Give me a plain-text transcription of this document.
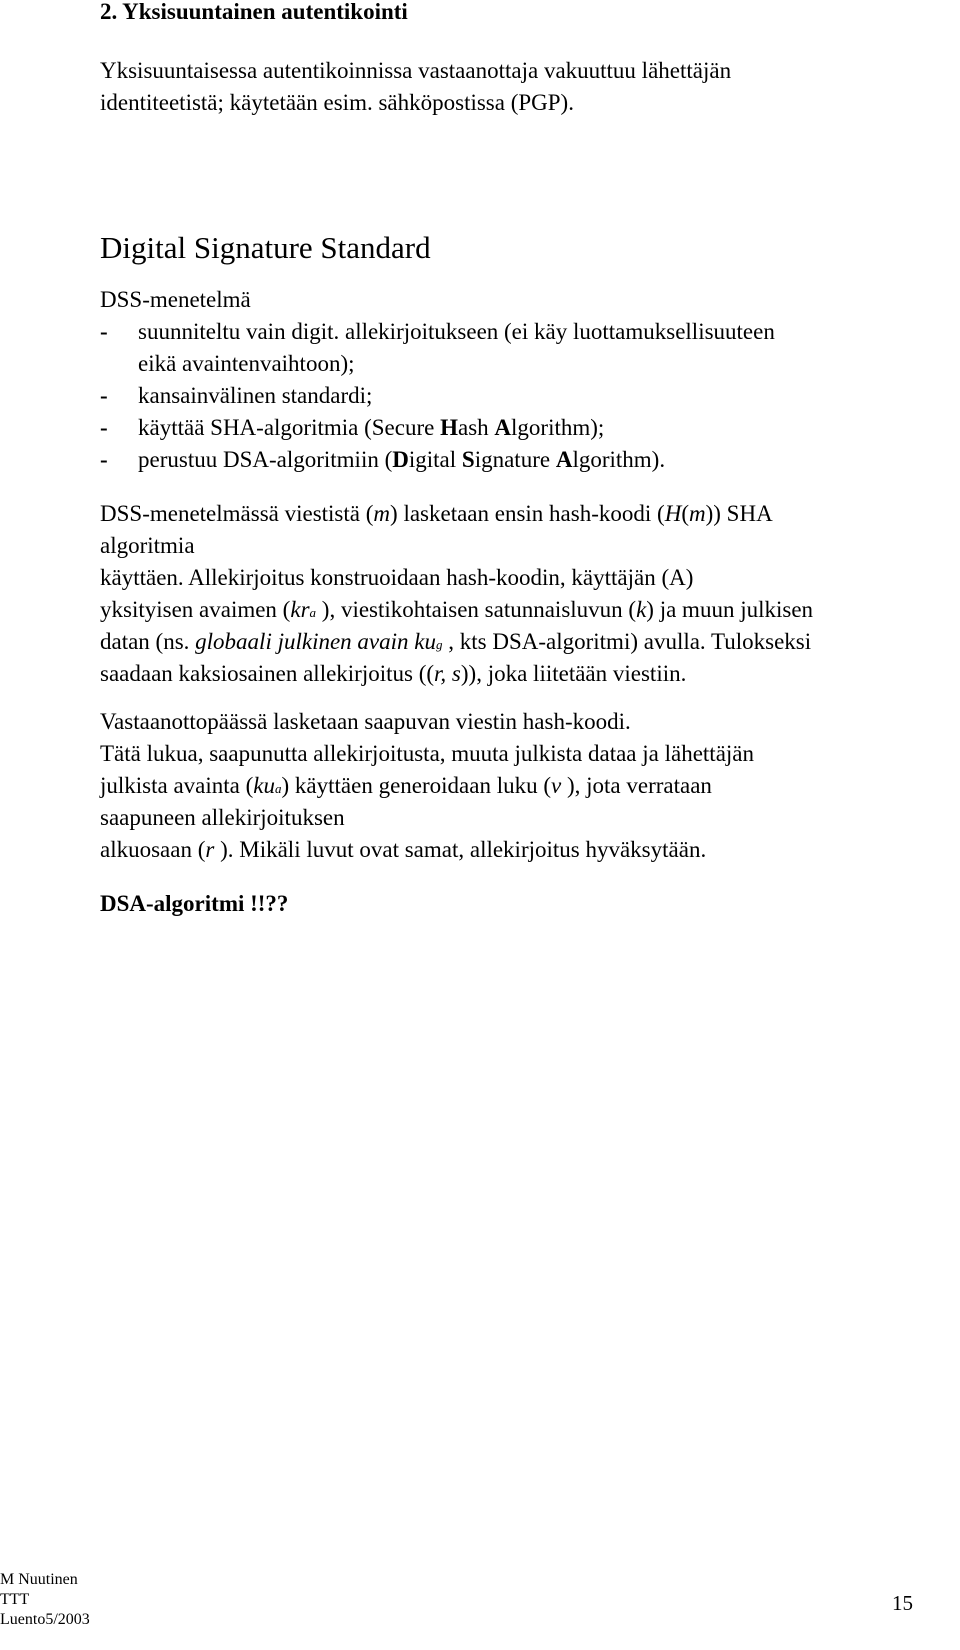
2. Yksisuuntainen autentikointi
Yksisuuntaisessa autentikoinnissa vastaanottaja vakuuttuu lähettäjän
identiteetistä; käytetään esim. sähköpostissa (PGP).
Digital Signature Standard
DSS-menetelmä
-	suunniteltu vain digit. allekirjoitukseen (ei käy luottamuksellisuuteen
eikä avaintenvaihtoon);
-	kansainvälinen standardi;
-	käyttää SHA-algoritmia (Secure Hash Algorithm);
-	perustuu DSA-algoritmiin (Digital Signature Algorithm).
DSS-menetelmässä viestistä (m) lasketaan ensin hash-koodi (H(m)) SHA
algoritmia
käyttäen. Allekirjoitus konstruoidaan hash-koodin, käyttäjän (A)
yksityisen avaimen (kra ), viestikohtaisen satunnaisluvun (k) ja muun julkisen
datan (ns. globaali julkinen avain kug , kts DSA-algoritmi) avulla. Tulokseksi
saadaan kaksiosainen allekirjoitus ((r, s)), joka liitetään viestiin.
Vastaanottopäässä lasketaan saapuvan viestin hash-koodi.
Tätä lukua, saapunutta allekirjoitusta, muuta julkista dataa ja lähettäjän
julkista avainta (kua) käyttäen generoidaan luku (v ), jota verrataan
saapuneen allekirjoituksen
alkuosaan (r ). Mikäli luvut ovat samat, allekirjoitus hyväksytään.
DSA-algoritmi !!??
M Nuutinen
TTT
Luento5/2003
15
